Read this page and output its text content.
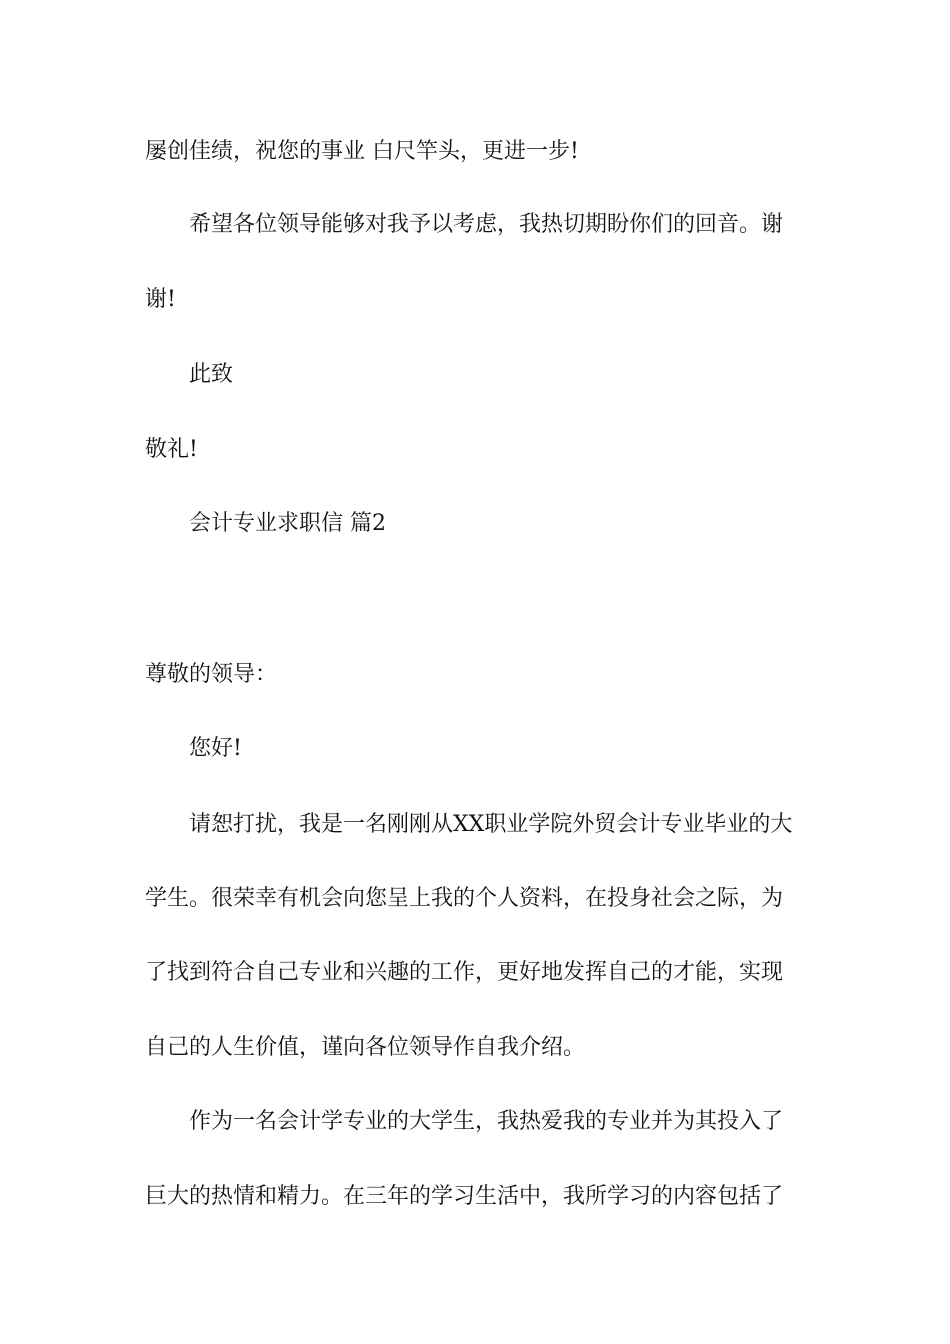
屡创佳绩，祝您的事业 白尺竿头，更进一步!
希望各位领导能够对我予以考虑，我热切期盼你们的回音。谢
谢!
此致
敬礼!
会计专业求职信 篇2
尊敬的领导：
您好!
请恕打扰，我是一名刚刚从XX职业学院外贸会计专业毕业的大
学生。很荣幸有机会向您呈上我的个人资料，在投身社会之际，为
了找到符合自己专业和兴趣的工作，更好地发挥自己的才能，实现
自己的人生价值，谨向各位领导作自我介绍。
作为一名会计学专业的大学生，我热爱我的专业并为其投入了
巨大的热情和精力。在三年的学习生活中，我所学习的内容包括了
